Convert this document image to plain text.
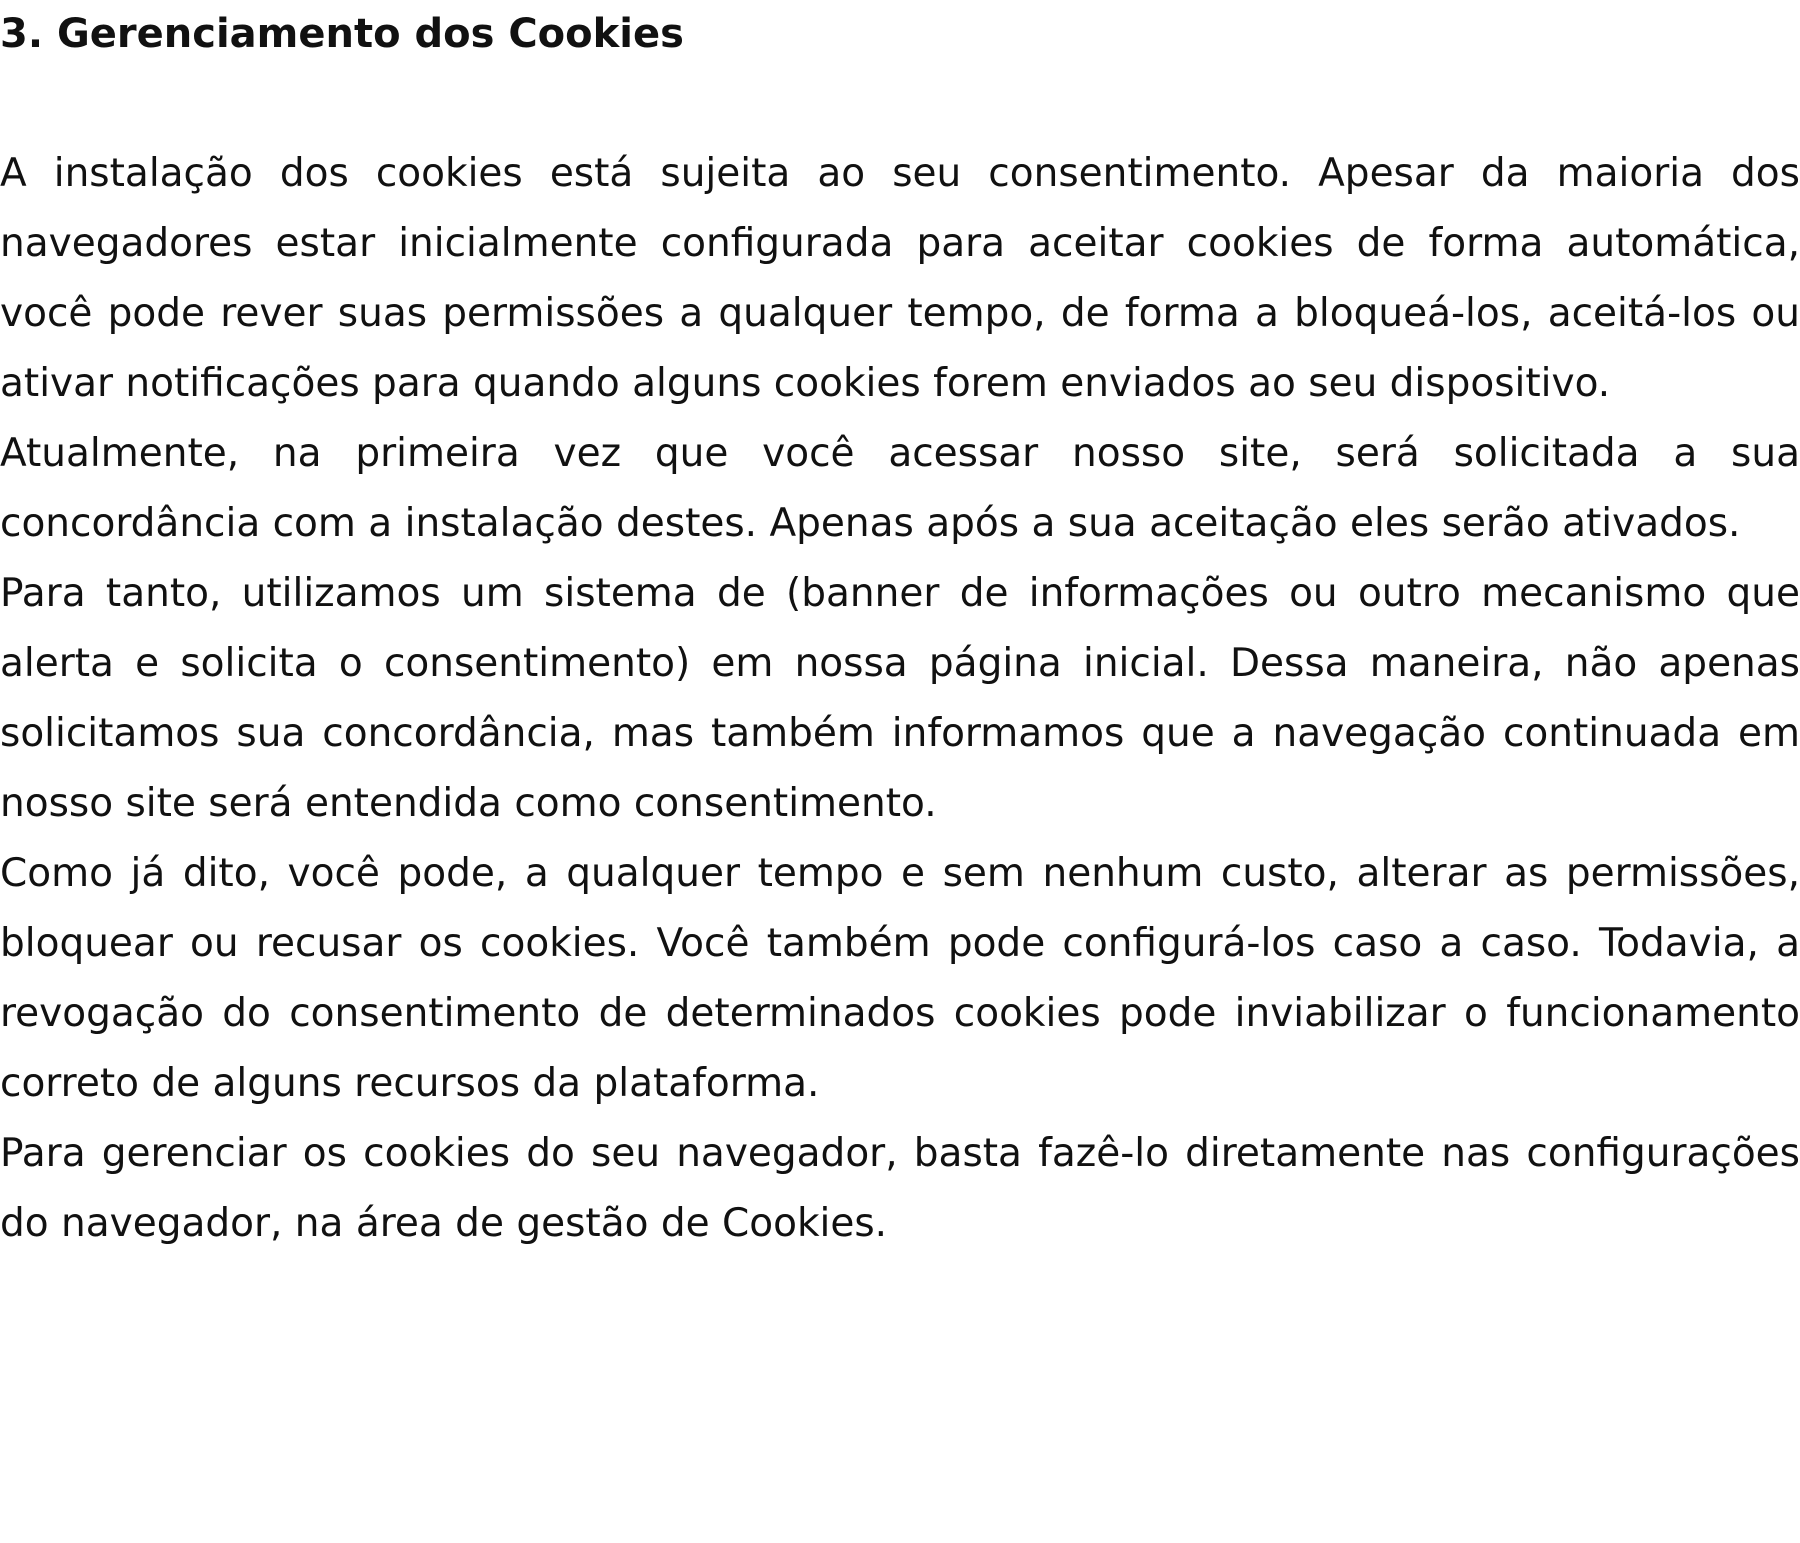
3. Gerenciamento dos Cookies

A instalação dos cookies está sujeita ao seu consentimento. Apesar da maioria dos navegadores estar inicialmente configurada para aceitar cookies de forma automática, você pode rever suas permissões a qualquer tempo, de forma a bloqueá-los, aceitá-los ou ativar notificações para quando alguns cookies forem enviados ao seu dispositivo.

Atualmente, na primeira vez que você acessar nosso site, será solicitada a sua concordância com a instalação destes. Apenas após a sua aceitação eles serão ativados.

Para tanto, utilizamos um sistema de (banner de informações ou outro mecanismo que alerta e solicita o consentimento) em nossa página inicial. Dessa maneira, não apenas solicitamos sua concordância, mas também informamos que a navegação continuada em nosso site será entendida como consentimento.

Como já dito, você pode, a qualquer tempo e sem nenhum custo, alterar as permissões, bloquear ou recusar os cookies. Você também pode configurá-los caso a caso. Todavia, a revogação do consentimento de determinados cookies pode inviabilizar o funcionamento correto de alguns recursos da plataforma.

Para gerenciar os cookies do seu navegador, basta fazê-lo diretamente nas configurações do navegador, na área de gestão de Cookies.
